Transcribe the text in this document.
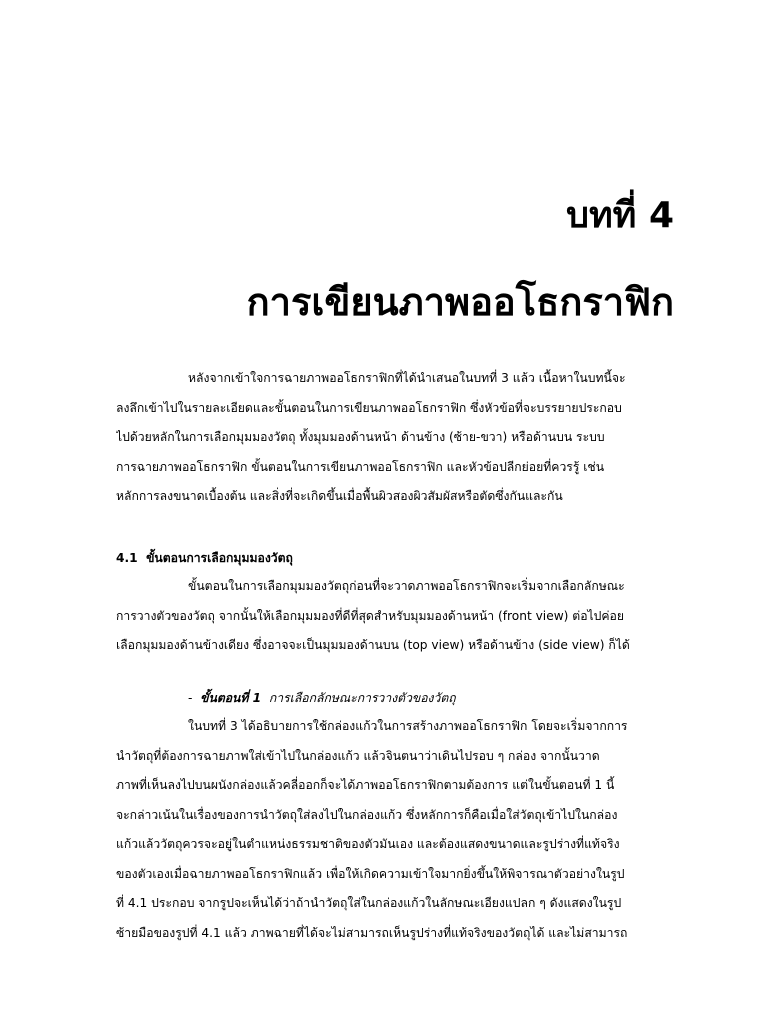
บทที่ 4
การเขียนภาพออโธกราฟิก
หลังจากเข้าใจการฉายภาพออโธกราฟิกที่ได้นำเสนอในบทที่ 3 แล้ว เนื้อหาในบทนี้จะ
ลงลึกเข้าไปในรายละเอียดและขั้นตอนในการเขียนภาพออโธกราฟิก ซึ่งหัวข้อที่จะบรรยายประกอบ
ไปด้วยหลักในการเลือกมุมมองวัตถุ ทั้งมุมมองด้านหน้า ด้านข้าง (ซ้าย-ขวา) หรือด้านบน ระบบ
การฉายภาพออโธกราฟิก ขั้นตอนในการเขียนภาพออโธกราฟิก และหัวข้อปลีกย่อยที่ควรรู้ เช่น
หลักการลงขนาดเบื้องต้น และสิ่งที่จะเกิดขึ้นเมื่อพื้นผิวสองผิวสัมผัสหรือตัดซึ่งกันและกัน
4.1 ขั้นตอนการเลือกมุมมองวัตถุ
ขั้นตอนในการเลือกมุมมองวัตถุก่อนที่จะวาดภาพออโธกราฟิกจะเริ่มจากเลือกลักษณะ
การวางตัวของวัตถุ จากนั้นให้เลือกมุมมองที่ดีที่สุดสำหรับมุมมองด้านหน้า (front view) ต่อไปค่อย
เลือกมุมมองด้านข้างเดียง ซึ่งอาจจะเป็นมุมมองด้านบน (top view) หรือด้านข้าง (side view) ก็ได้
- ขั้นตอนที่ 1 การเลือกลักษณะการวางตัวของวัตถุ
ในบทที่ 3 ได้อธิบายการใช้กล่องแก้วในการสร้างภาพออโธกราฟิก โดยจะเริ่มจากการ
นำวัตถุที่ต้องการฉายภาพใส่เข้าไปในกล่องแก้ว แล้วจินตนาว่าเดินไปรอบ ๆ กล่อง จากนั้นวาด
ภาพที่เห็นลงไปบนผนังกล่องแล้วคลี่ออกก็จะได้ภาพออโธกราฟิกตามต้องการ แต่ในขั้นตอนที่ 1 นี้
จะกล่าวเน้นในเรื่องของการนำวัตถุใส่ลงไปในกล่องแก้ว ซึ่งหลักการก็คือเมื่อใส่วัตถุเข้าไปในกล่อง
แก้วแล้ววัตถุควรจะอยู่ในตำแหน่งธรรมชาติของตัวมันเอง และต้องแสดงขนาดและรูปร่างที่แท้จริง
ของตัวเองเมื่อฉายภาพออโธกราฟิกแล้ว เพื่อให้เกิดความเข้าใจมากยิ่งขึ้นให้พิจารณาตัวอย่างในรูป
ที่ 4.1 ประกอบ จากรูปจะเห็นได้ว่าถ้านำวัตถุใส่ในกล่องแก้วในลักษณะเอียงแปลก ๆ ดังแสดงในรูป
ซ้ายมือของรูปที่ 4.1 แล้ว ภาพฉายที่ได้จะไม่สามารถเห็นรูปร่างที่แท้จริงของวัตถุได้ และไม่สามารถ
